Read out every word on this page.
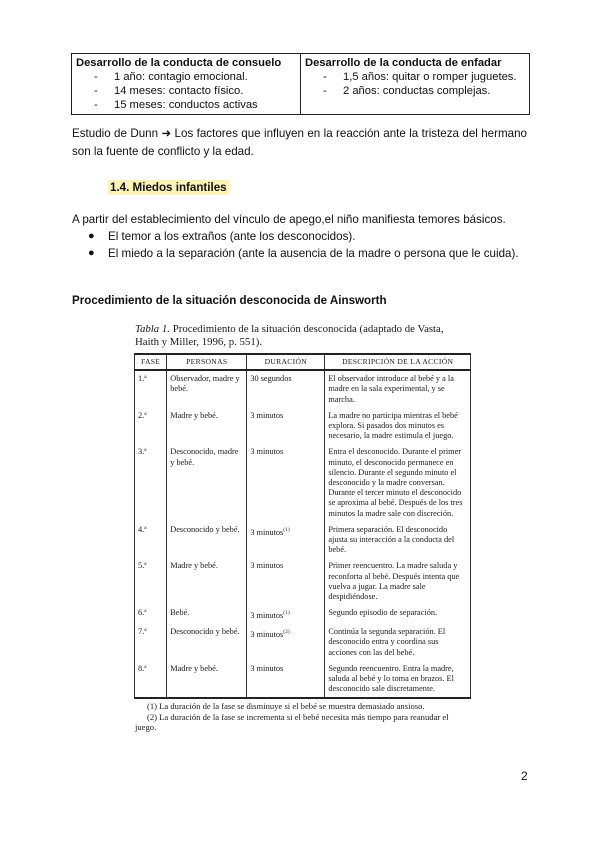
Desarrollo de la conducta de consuelo
- 1 año: contagio emocional.
- 14 meses: contacto físico.
- 15 meses: conductos activas

Desarrollo de la conducta de enfadar
- 1,5 años: quitar o romper juguetes.
- 2 años: conductas complejas.

Estudio de Dunn ➜ Los factores que influyen en la reacción ante la tristeza del hermano son la fuente de conflicto y la edad.

1.4. Miedos infantiles

A partir del establecimiento del vínculo de apego,el niño manifiesta temores básicos.

● El temor a los extraños (ante los desconocidos).
● El miedo a la separación (ante la ausencia de la madre o persona que le cuida).
Procedimiento de la situación desconocida de Ainsworth
Tabla 1. Procedimiento de la situación desconocida (adaptado de Vasta, Haith y Miller, 1996, p. 551).
FASE	PERSONAS	DURACIÓN	DESCRIPCIÓN DE LA ACCIÓN
1.ª	Observador, madre y bebé.	30 segundos	El observador introduce al bebé y a la madre en la sala experimental, y se marcha.
2.ª	Madre y bebé.	3 minutos	La madre no participa mientras el bebé explora. Si pasados dos minutos es necesario, la madre estimula el juego.
3.ª	Desconocido, madre y bebé.	3 minutos	Entra el desconocido. Durante el primer minuto, el desconocido permanece en silencio. Durante el segundo minuto el desconocido y la madre conversan. Durante el tercer minuto el desconocido se aproxima al bebé. Después de los tres minutos la madre sale con discreción.
4.ª	Desconocido y bebé.	3 minutos$^{(1)}$	Primera separación. El desconocido ajusta su interacción a la conducta del bebé.
5.ª	Madre y bebé.	3 minutos	Primer reencuentro. La madre saluda y reconforta al bebé. Después intenta que vuelva a jugar. La madre sale despidiéndose.
6.ª	Bebé.	3 minutos$^{(1)}$	Segundo episodio de separación.
7.ª	Desconocido y bebé.	3 minutos$^{(2)}$	Continúa la segunda separación. El desconocido entra y coordina sus acciones con las del bebé.
8.ª	Madre y bebé.	3 minutos	Segundo reencuentro. Entra la madre, saluda al bebé y lo toma en brazos. El desconocido sale discretamente.

(1) La duración de la fase se disminuye si el bebé se muestra demasiado ansioso.

(2) La duración de la fase se incrementa si el bebé necesita más tiempo para reanudar el juego.

2
